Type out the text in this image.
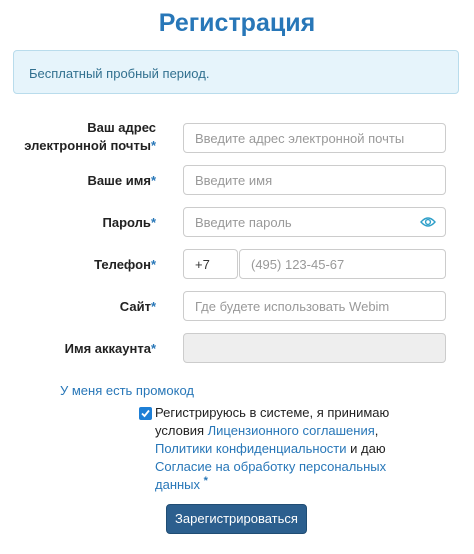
Регистрация
Бесплатный пробный период.
Ваш адрес
электронной почты*	Введите адрес электронной почты
Ваше имя*	Введите имя
Пароль*	Введите пароль
Телефон*	+7	(495) 123-45-67
Сайт*	Где будете использовать Webim
Имя аккаунта*
У меня есть промокод
Регистрируюсь в системе, я принимаю
условия Лицензионного соглашения,
Политики конфиденциальности и даю
Согласие на обработку персональных
данных *
Зарегистрироваться
